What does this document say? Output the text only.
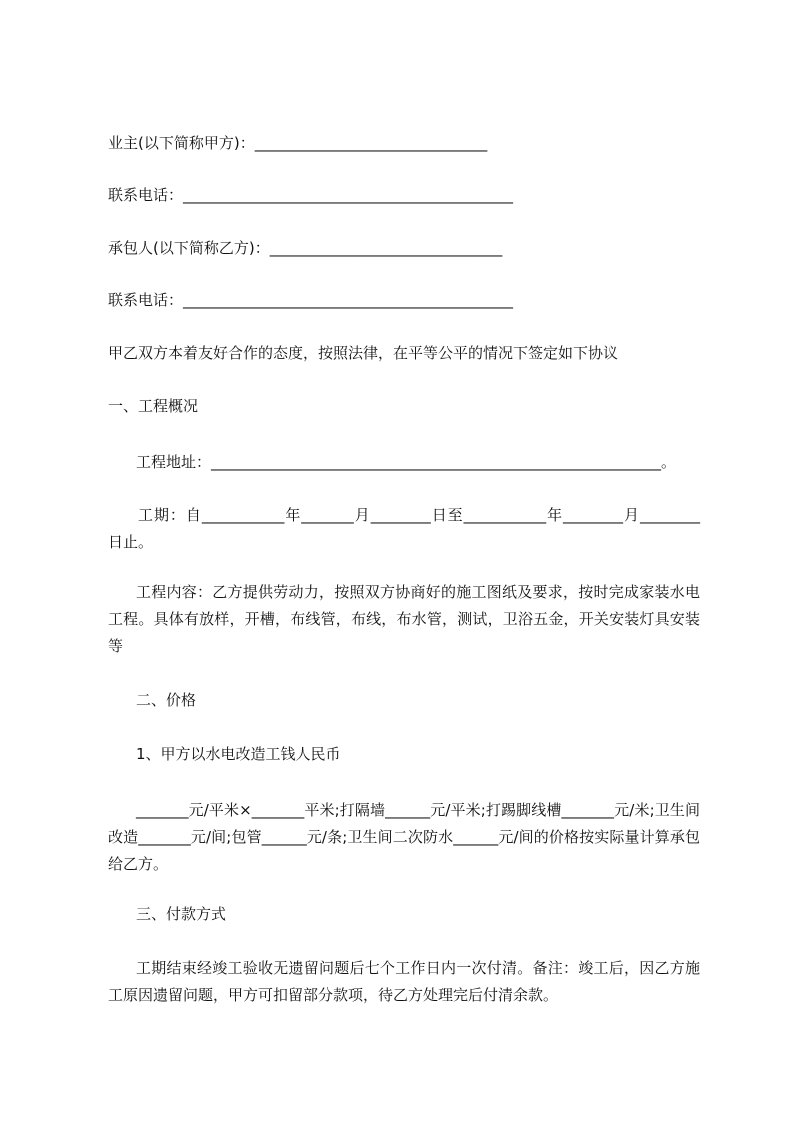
业主(以下简称甲方)：_______________________________
联系电话：____________________________________________
承包人(以下简称乙方)：_______________________________
联系电话：____________________________________________
甲乙双方本着友好合作的态度，按照法律，在平等公平的情况下签定如下协议
一、工程概况
工程地址：____________________________________________________________。
工期：自___________年_______月________日至___________年________月________日止。
工程内容：乙方提供劳动力，按照双方协商好的施工图纸及要求，按时完成家装水电工程。具体有放样，开槽，布线管，布线，布水管，测试，卫浴五金，开关安装灯具安装等
二、价格
1、甲方以水电改造工钱人民币
_______元/平米×_______平米;打隔墙______元/平米;打踢脚线槽_______元/米;卫生间改造_______元/间;包管______元/条;卫生间二次防水______元/间的价格按实际量计算承包给乙方。
三、付款方式
工期结束经竣工验收无遗留问题后七个工作日内一次付清。备注：竣工后，因乙方施工原因遗留问题，甲方可扣留部分款项，待乙方处理完后付清余款。
